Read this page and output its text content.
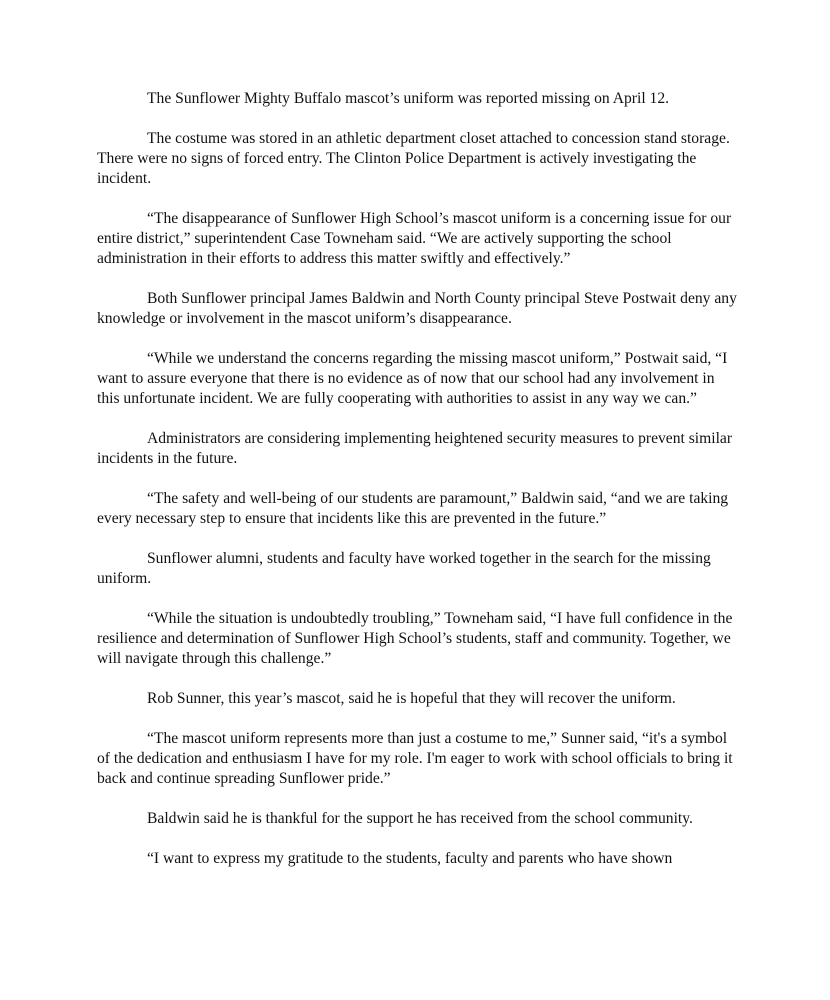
The Sunflower Mighty Buffalo mascot’s uniform was reported missing on April 12.

The costume was stored in an athletic department closet attached to concession stand storage. There were no signs of forced entry. The Clinton Police Department is actively investigating the incident.

“The disappearance of Sunflower High School’s mascot uniform is a concerning issue for our entire district,” superintendent Case Towneham said. “We are actively supporting the school administration in their efforts to address this matter swiftly and effectively.”

Both Sunflower principal James Baldwin and North County principal Steve Postwait deny any knowledge or involvement in the mascot uniform’s disappearance.

“While we understand the concerns regarding the missing mascot uniform,” Postwait said, “I want to assure everyone that there is no evidence as of now that our school had any involvement in this unfortunate incident. We are fully cooperating with authorities to assist in any way we can.”

Administrators are considering implementing heightened security measures to prevent similar incidents in the future.

“The safety and well-being of our students are paramount,” Baldwin said, “and we are taking every necessary step to ensure that incidents like this are prevented in the future.”

Sunflower alumni, students and faculty have worked together in the search for the missing uniform.

“While the situation is undoubtedly troubling,” Towneham said, “I have full confidence in the resilience and determination of Sunflower High School’s students, staff and community. Together, we will navigate through this challenge.”

Rob Sunner, this year’s mascot, said he is hopeful that they will recover the uniform.

“The mascot uniform represents more than just a costume to me,” Sunner said, “it's a symbol of the dedication and enthusiasm I have for my role. I'm eager to work with school officials to bring it back and continue spreading Sunflower pride.”

Baldwin said he is thankful for the support he has received from the school community.

“I want to express my gratitude to the students, faculty and parents who have shown
